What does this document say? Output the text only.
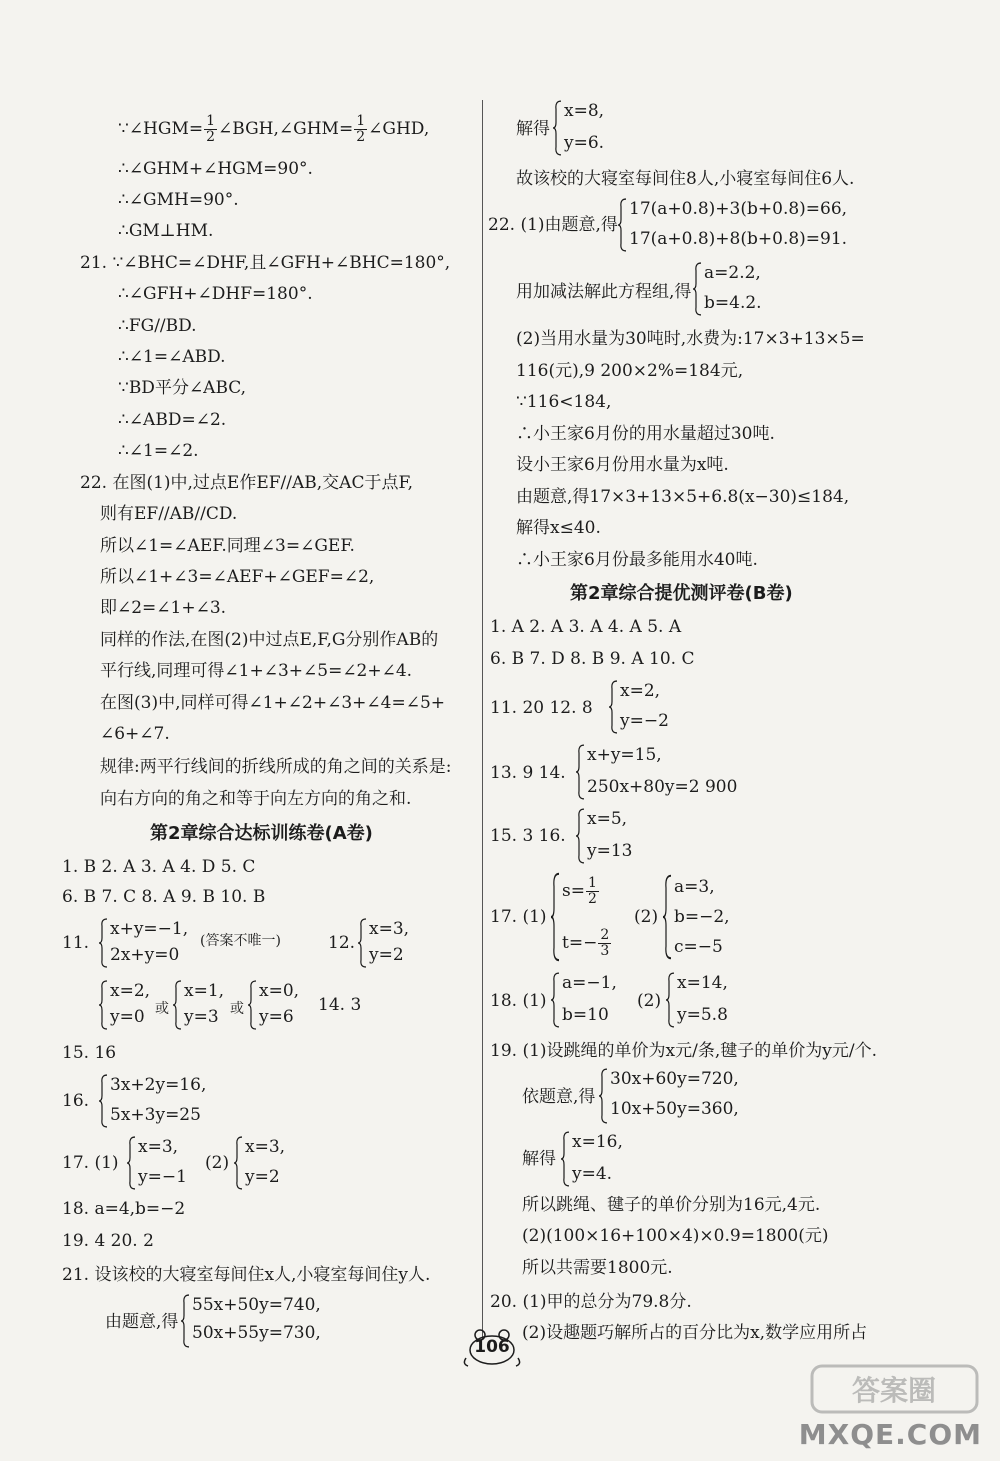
∵∠HGM= $\frac{1}{2}$ ∠BGH,∠GHM= $\frac{1}{2}$ ∠GHD,
∴∠GHM+∠HGM=90°.
∴∠GMH=90°.
∴GM⊥HM.
21. ∵∠BHC=∠DHF,且∠GFH+∠BHC=180°,
∴∠GFH+∠DHF=180°.
∴FG//BD.
∴∠1=∠ABD.
∵BD平分∠ABC,
∴∠ABD=∠2.
∴∠1=∠2.
22. 在图(1)中,过点E作EF//AB,交AC于点F,
则有EF//AB//CD.
所以∠1=∠AEF.同理∠3=∠GEF.
所以∠1+∠3=∠AEF+∠GEF=∠2,
即∠2=∠1+∠3.
同样的作法,在图(2)中过点E,F,G分别作AB的
平行线,同理可得∠1+∠3+∠5=∠2+∠4.
在图(3)中,同样可得∠1+∠2+∠3+∠4=∠5+
∠6+∠7.
规律:两平行线间的折线所成的角之间的关系是:
向右方向的角之和等于向左方向的角之和.
第2章综合达标训练卷(A卷)
1. B 2. A 3. A 4. D 5. C
6. B 7. C 8. A 9. B 10. B
11.
x+y=−1,
2x+y=0
(答案不唯一)	12.
x=3,
y=2
x=2,
y=0 或
x=1,
y=3 或
x=0,
y=6
14. 3
15. 16
16.
3x+2y=16,
5x+3y=25
17. (1)
x=3,
y=−1
(2)
x=3,
y=2
18. a=4,b=−2
19. 4 20. 2
21. 设该校的大寝室每间住x人,小寝室每间住y人.
由题意,得
55x+50y=740,
50x+55y=730,
解得
x=8,
y=6.
故该校的大寝室每间住8人,小寝室每间住6人.
22. (1)由题意,得
17(a+0.8)+3(b+0.8)=66,
17(a+0.8)+8(b+0.8)=91.
用加减法解此方程组,得
a=2.2,
b=4.2.
(2)当用水量为30吨时,水费为:17×3+13×5=
116(元),9 200×2%=184元,
∵116<184,
∴小王家6月份的用水量超过30吨.
设小王家6月份用水量为x吨.
由题意,得17×3+13×5+6.8(x−30)≤184,
解得x≤40.
∴小王家6月份最多能用水40吨.
第2章综合提优测评卷(B卷)
1. A 2. A 3. A 4. A 5. A
6. B 7. D 8. B 9. A 10. C
11. 20 12. 8
x=2,
y=−2
13. 9 14.
x+y=15,
250x+80y=2 900
15. 3 16.
x=5,
y=13
17. (1)
$s= \frac{1}{2}$
$t=- \frac{2}{3}$
(2)
a=3,
b=−2,
c=−5
18. (1)
a=−1,
b=10
(2)
x=14,
y=5.8
19. (1)设跳绳的单价为x元/条,毽子的单价为y元/个.
依题意,得
30x+60y=720,
10x+50y=360,
解得
x=16,
y=4.
所以跳绳、毽子的单价分别为16元,4元.
(2)(100×16+100×4)×0.9=1800(元)
所以共需要1800元.
20. (1)甲的总分为79.8分.
(2)设趣题巧解所占的百分比为x,数学应用所占
106
答案圈
MXQE.COM
